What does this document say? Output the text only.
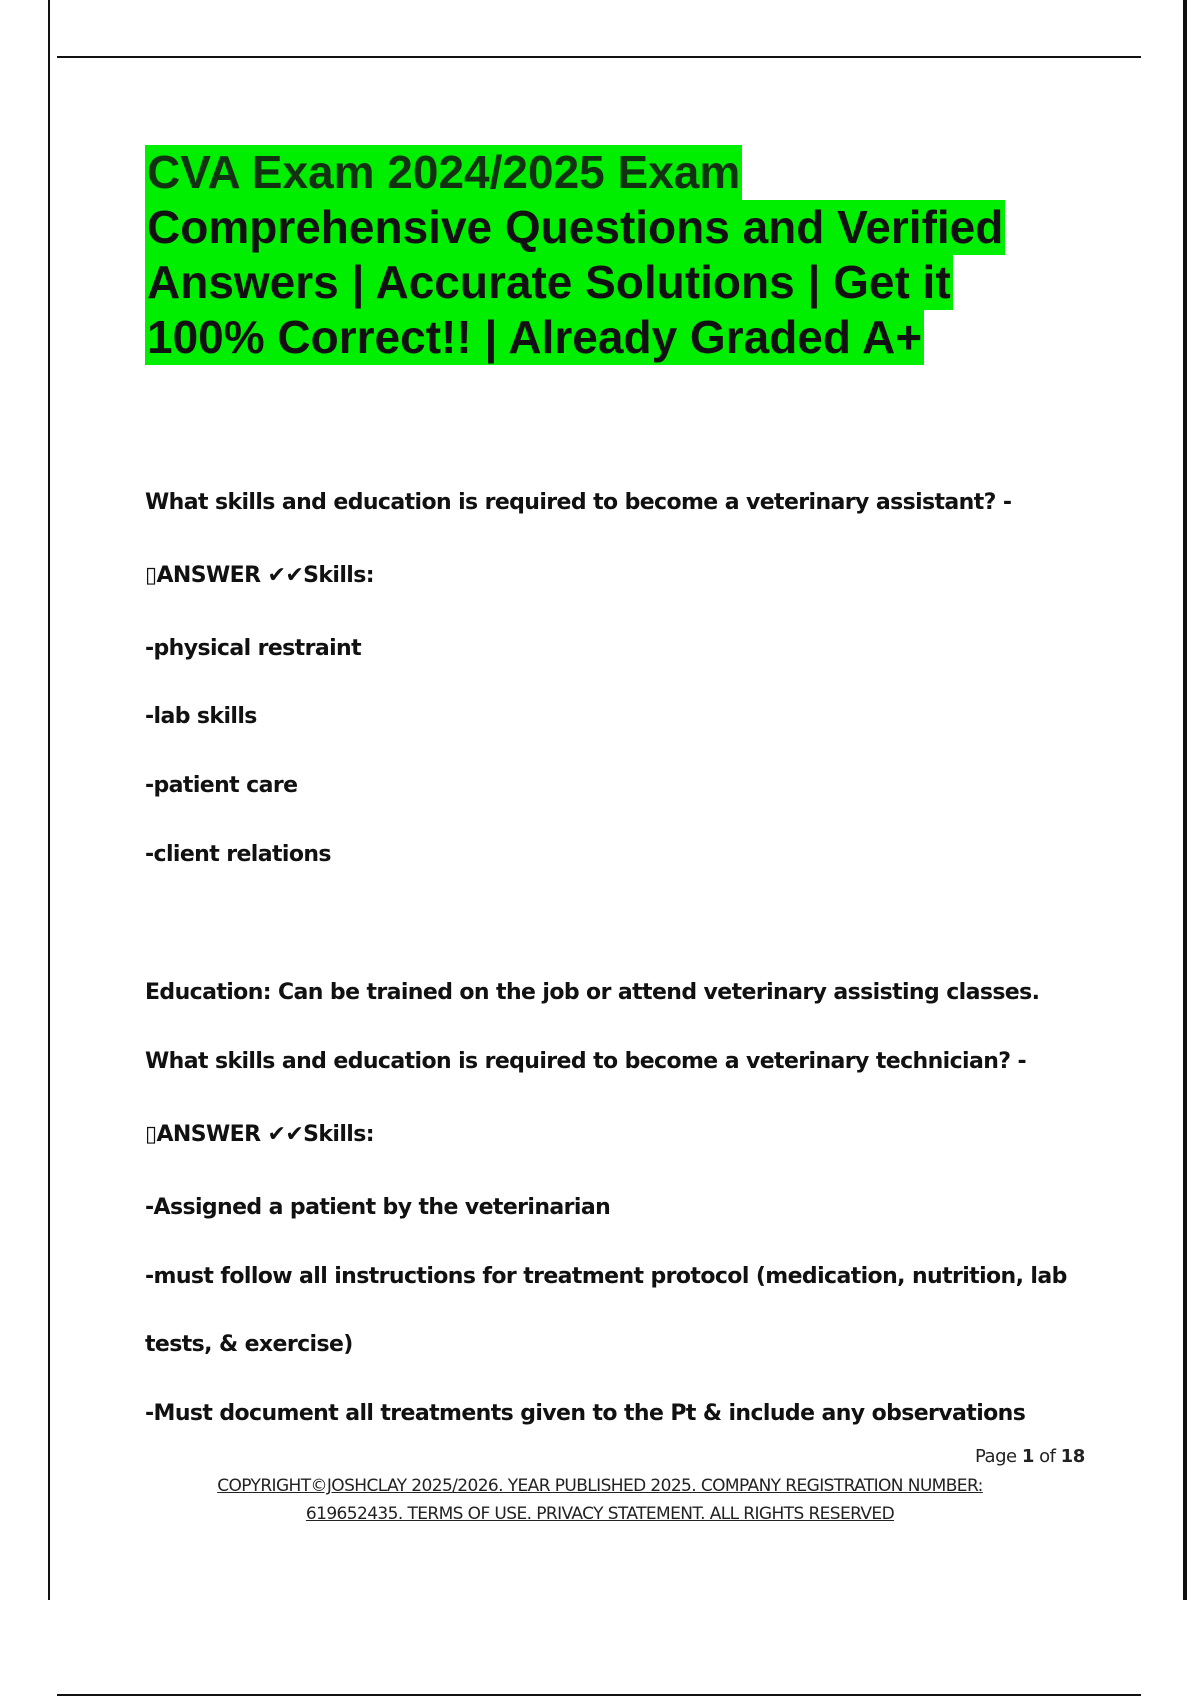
CVA Exam 2024/2025 Exam
Comprehensive Questions and Verified
Answers | Accurate Solutions | Get it
100% Correct!! | Already Graded A+

What skills and education is required to become a veterinary assistant? -

▯ANSWER ✔✔Skills:

-physical restraint

-lab skills

-patient care

-client relations

Education: Can be trained on the job or attend veterinary assisting classes.

What skills and education is required to become a veterinary technician? -

▯ANSWER ✔✔Skills:

-Assigned a patient by the veterinarian

-must follow all instructions for treatment protocol (medication, nutrition, lab

tests, & exercise)

-Must document all treatments given to the Pt & include any observations

Page 1 of 18
COPYRIGHT©JOSHCLAY 2025/2026. YEAR PUBLISHED 2025. COMPANY REGISTRATION NUMBER:
619652435. TERMS OF USE. PRIVACY STATEMENT. ALL RIGHTS RESERVED
